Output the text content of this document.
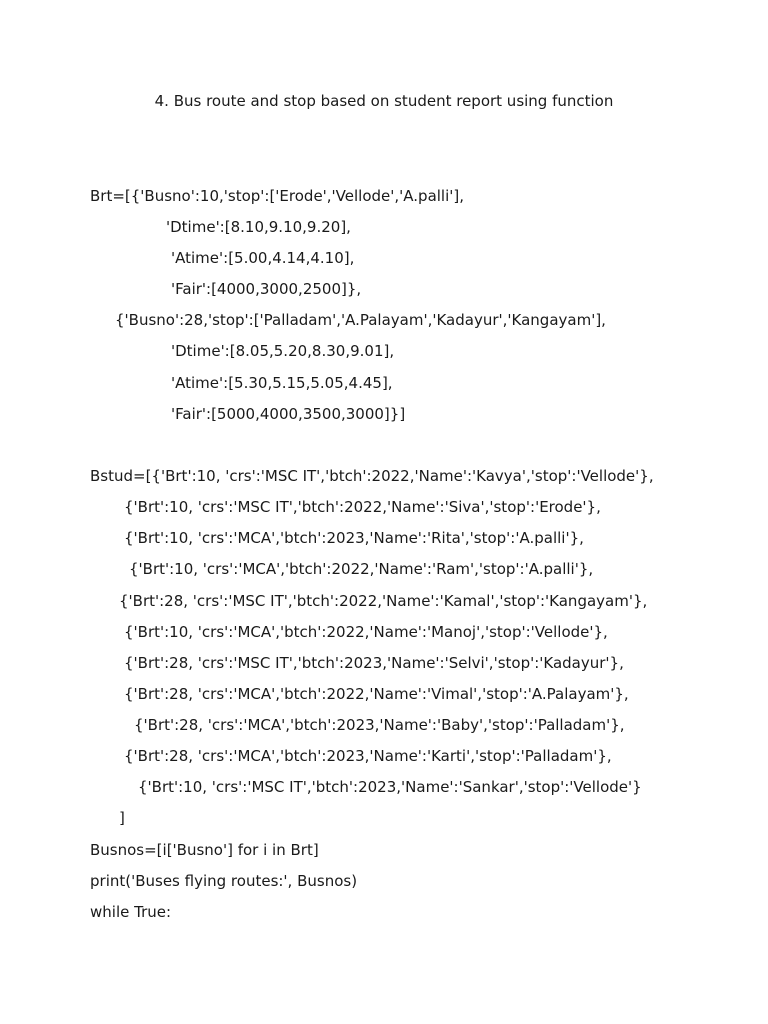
4. Bus route and stop based on student report using function
Brt=[{'Busno':10,'stop':['Erode','Vellode','A.palli'],
'Dtime':[8.10,9.10,9.20],
'Atime':[5.00,4.14,4.10],
'Fair':[4000,3000,2500]},
{'Busno':28,'stop':['Palladam','A.Palayam','Kadayur','Kangayam'],
'Dtime':[8.05,5.20,8.30,9.01],
'Atime':[5.30,5.15,5.05,4.45],
'Fair':[5000,4000,3500,3000]}]
Bstud=[{'Brt':10, 'crs':'MSC IT','btch':2022,'Name':'Kavya','stop':'Vellode'},
{'Brt':10, 'crs':'MSC IT','btch':2022,'Name':'Siva','stop':'Erode'},
{'Brt':10, 'crs':'MCA','btch':2023,'Name':'Rita','stop':'A.palli'},
{'Brt':10, 'crs':'MCA','btch':2022,'Name':'Ram','stop':'A.palli'},
{'Brt':28, 'crs':'MSC IT','btch':2022,'Name':'Kamal','stop':'Kangayam'},
{'Brt':10, 'crs':'MCA','btch':2022,'Name':'Manoj','stop':'Vellode'},
{'Brt':28, 'crs':'MSC IT','btch':2023,'Name':'Selvi','stop':'Kadayur'},
{'Brt':28, 'crs':'MCA','btch':2022,'Name':'Vimal','stop':'A.Palayam'},
{'Brt':28, 'crs':'MCA','btch':2023,'Name':'Baby','stop':'Palladam'},
{'Brt':28, 'crs':'MCA','btch':2023,'Name':'Karti','stop':'Palladam'},
{'Brt':10, 'crs':'MSC IT','btch':2023,'Name':'Sankar','stop':'Vellode'}
]
Busnos=[i['Busno'] for i in Brt]
print('Buses flying routes:', Busnos)
while True:
